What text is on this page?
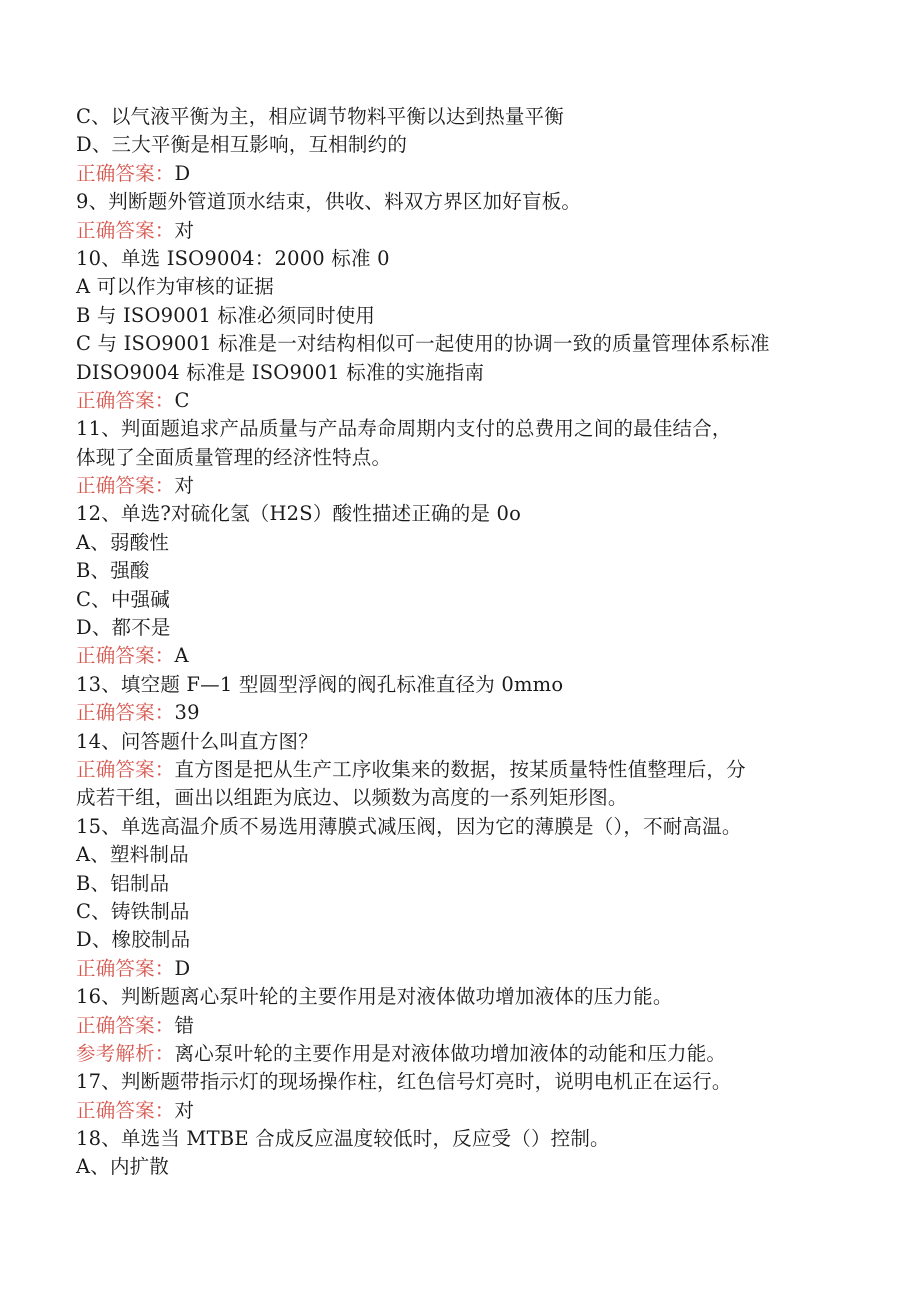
C、以气液平衡为主，相应调节物料平衡以达到热量平衡
D、三大平衡是相互影响，互相制约的
正确答案：D
9、判断题外管道顶水结束，供收、料双方界区加好盲板。
正确答案：对
10、单选 ISO9004：2000 标准 0
A 可以作为审核的证据
B 与 ISO9001 标准必须同时使用
C 与 ISO9001 标准是一对结构相似可一起使用的协调一致的质量管理体系标准
DISO9004 标准是 ISO9001 标准的实施指南
正确答案：C
11、判面题追求产品质量与产品寿命周期内支付的总费用之间的最佳结合，
体现了全面质量管理的经济性特点。
正确答案：对
12、单选?对硫化氢（H2S）酸性描述正确的是 0o
A、弱酸性
B、强酸
C、中强碱
D、都不是
正确答案：A
13、填空题 F—1 型圆型浮阀的阀孔标准直径为 0mmo
正确答案：39
14、问答题什么叫直方图？
正确答案：直方图是把从生产工序收集来的数据，按某质量特性值整理后，分
成若干组，画出以组距为底边、以频数为高度的一系列矩形图。
15、单选高温介质不易选用薄膜式减压阀，因为它的薄膜是（），不耐高温。
A、塑料制品
B、铝制品
C、铸铁制品
D、橡胶制品
正确答案：D
16、判断题离心泵叶轮的主要作用是对液体做功增加液体的压力能。
正确答案：错
参考解析：离心泵叶轮的主要作用是对液体做功增加液体的动能和压力能。
17、判断题带指示灯的现场操作柱，红色信号灯亮时，说明电机正在运行。
正确答案：对
18、单选当 MTBE 合成反应温度较低时，反应受（）控制。
A、内扩散
